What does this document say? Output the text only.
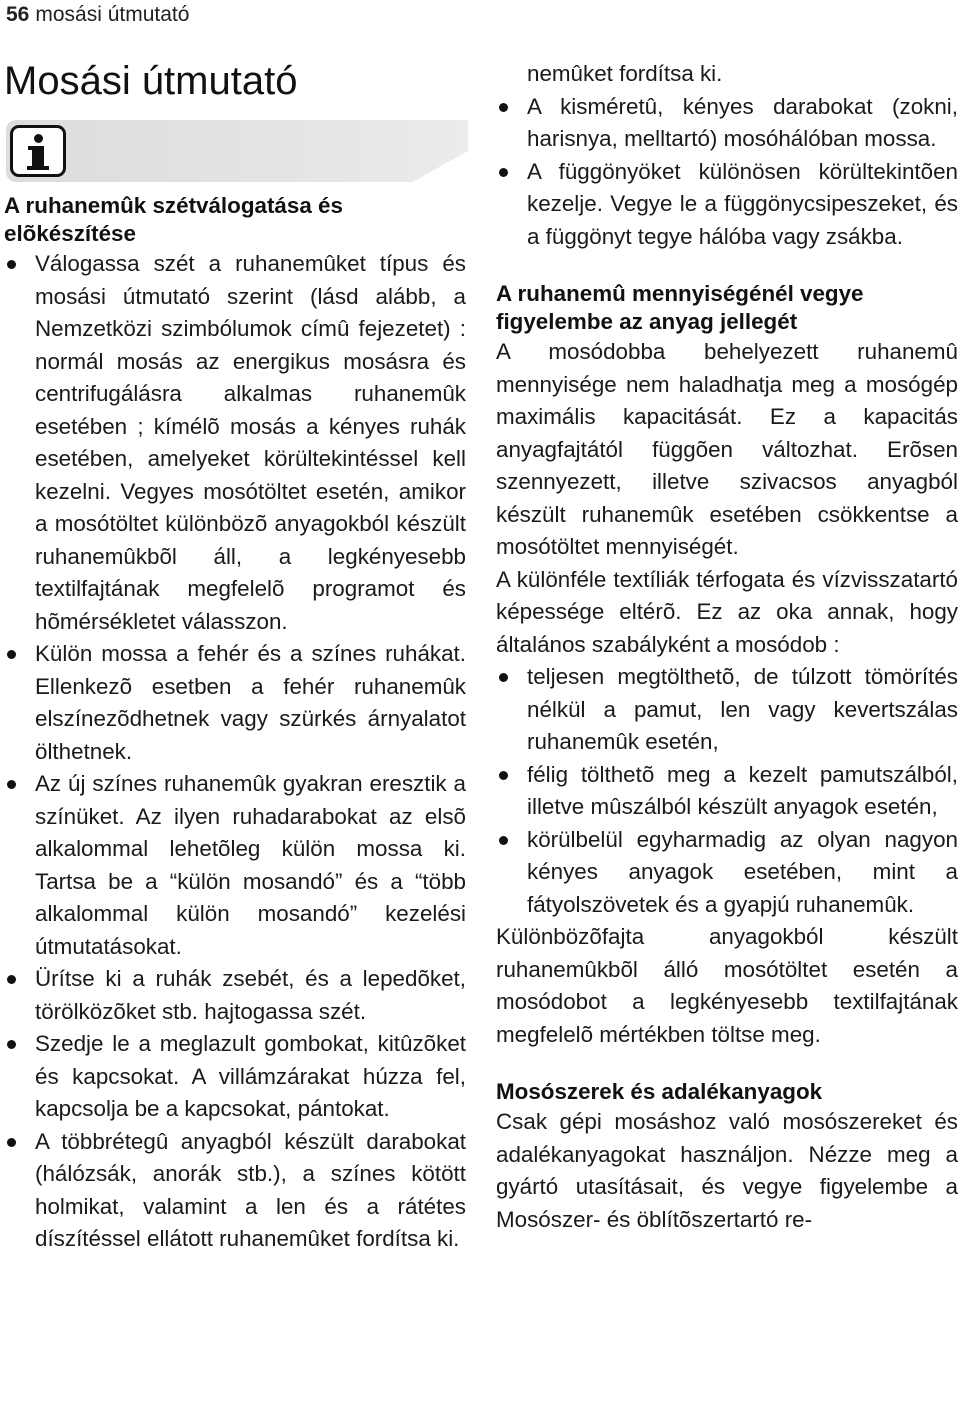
56 mosási útmutató
Mosási útmutató
A ruhanemûk szétválogatása és elõkészítése
Válogassa szét a ruhanemûket típus és mosási útmutató szerint (lásd alább, a Nemzetközi szimbólumok címû fejezetet) : normál mosás az energikus mosásra és centrifugálásra alkalmas ruhanemûk esetében ; kímélõ mosás a kényes ruhák esetében, amelyeket körültekintéssel kell kezelni. Vegyes mosótöltet esetén, amikor a mosótöltet különbözõ anyagokból készült ruhanemûkbõl áll, a legkényesebb textilfajtának megfelelõ programot és hõmérsékletet válasszon.
Külön mossa a fehér és a színes ruhákat. Ellenkezõ esetben a fehér ruhanemûk elszínezõdhetnek vagy szürkés árnyalatot ölthetnek.
Az új színes ruhanemûk gyakran eresztik a színüket. Az ilyen ruhadarabokat az elsõ alkalommal lehetõleg külön mossa ki. Tartsa be a “külön mosandó” és a “több alkalommal külön mosandó” kezelési útmutatásokat.
Ürítse ki a ruhák zsebét, és a lepedõket, törölközõket stb. hajtogassa szét.
Szedje le a meglazult gombokat, kitûzõket és kapcsokat. A villámzárakat húzza fel, kapcsolja be a kapcsokat, pántokat.
A többrétegû anyagból készült darabokat (hálózsák, anorák stb.), a színes kötött holmikat, valamint a len és a rátétes díszítéssel ellátott ruhanemûket fordítsa ki.

nemûket fordítsa ki.

A kisméretû, kényes darabokat (zokni, harisnya, melltartó) mosóhálóban mossa.
A függönyöket különösen körültekintõen kezelje. Vegye le a függönycsipeszeket, és a függönyt tegye hálóba vagy zsákba.
A ruhanemû mennyiségénél vegye figyelembe az anyag jellegét

A mosódobba behelyezett ruhanemû mennyisége nem haladhatja meg a mosógép maximális kapacitását. Ez a kapacitás anyagfajtától függõen változhat. Erõsen szennyezett, illetve szivacsos anyagból készült ruhanemûk esetében csökkentse a mosótöltet mennyiségét.

A különféle textíliák térfogata és vízvisszatartó képessége eltérõ. Ez az oka annak, hogy általános szabályként a mosódob :

teljesen megtölthetõ, de túlzott tömörítés nélkül a pamut, len vagy kevertszálas ruhanemûk esetén,
félig tölthetõ meg a kezelt pamutszálból, illetve mûszálból készült anyagok esetén,
körülbelül egyharmadig az olyan nagyon kényes anyagok esetében, mint a fátyolszövetek és a gyapjú ruhanemûk.

Különbözõfajta anyagokból készült ruhanemûkbõl álló mosótöltet esetén a mosódobot a legkényesebb textilfajtának megfelelõ mértékben töltse meg.

Mosószerek és adalékanyagok

Csak gépi mosáshoz való mosószereket és adalékanyagokat használjon. Nézze meg a gyártó utasításait, és vegye figyelembe a Mosószer- és öblítõszertartó re-
